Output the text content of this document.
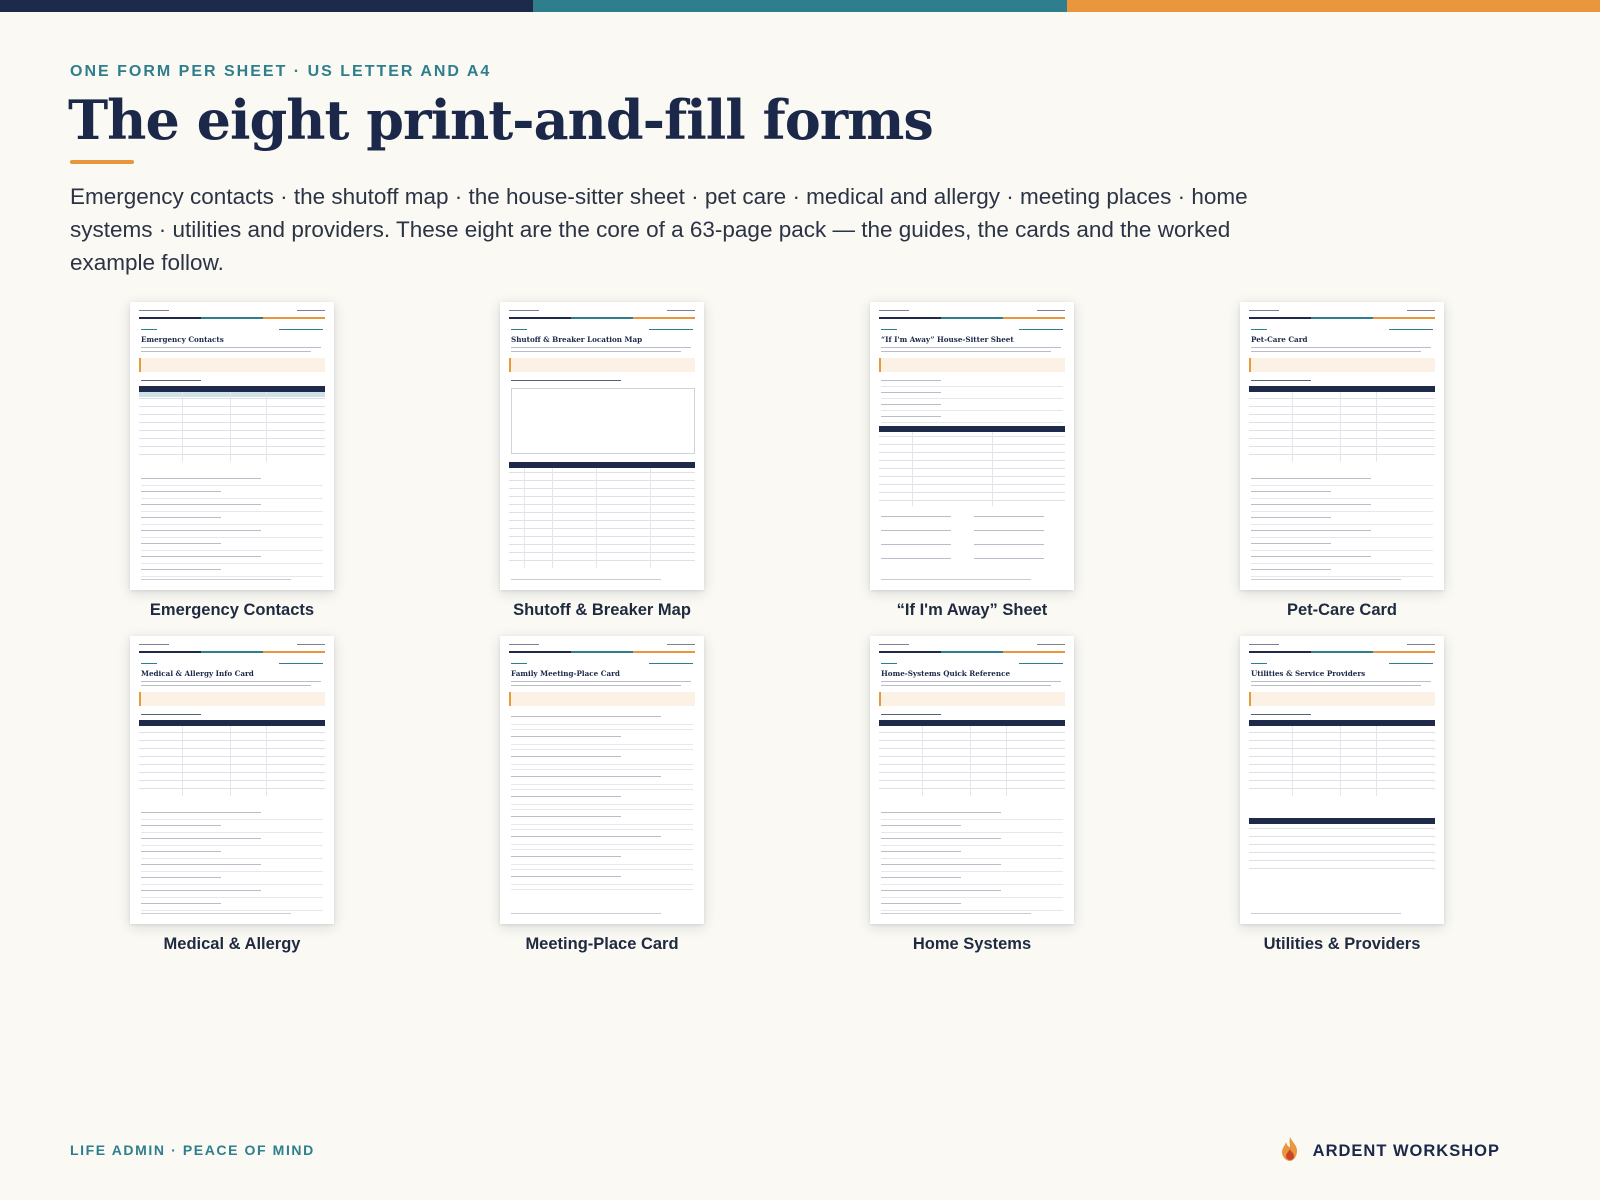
ONE FORM PER SHEET · US LETTER AND A4
The eight print-and-fill forms

Emergency contacts · the shutoff map · the house-sitter sheet · pet care · medical and allergy · meeting places · home systems · utilities and providers. These eight are the core of a 63-page pack — the guides, the cards and the worked example follow.

Emergency Contacts
Emergency Contacts
Shutoff & Breaker Location Map
Shutoff & Breaker Map
“If I'm Away” House-Sitter Sheet
“If I'm Away” Sheet
Pet-Care Card
Pet-Care Card
Medical & Allergy Info Card
Medical & Allergy
Family Meeting-Place Card
Meeting-Place Card
Home-Systems Quick Reference
Home Systems
Utilities & Service Providers
Utilities & Providers
LIFE ADMIN · PEACE OF MIND	ARDENT WORKSHOP
